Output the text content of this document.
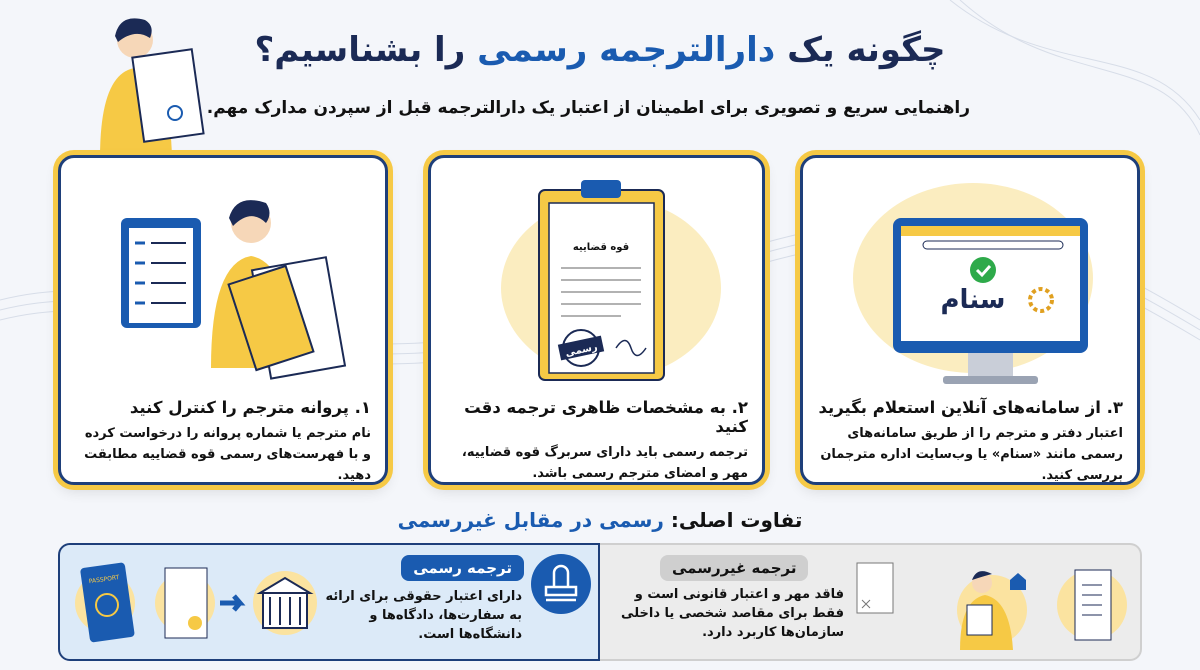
چگونه یک دارالترجمه رسمی را بشناسیم؟
راهنمایی سریع و تصویری برای اطمینان از اعتبار یک دارالترجمه قبل از سپردن مدارک مهم.
۱. پروانه مترجم را کنترل کنید

نام مترجم یا شماره پروانه را درخواست کرده و با فهرست‌های رسمی قوه قضاییه مطابقت دهید.

قوه قضاییه
رسمی
۲. به مشخصات ظاهری ترجمه دقت کنید

ترجمه رسمی باید دارای سربرگ قوه قضاییه، مهر و امضای مترجم رسمی باشد.

سنام
۳. از سامانه‌های آنلاین استعلام بگیرید

اعتبار دفتر و مترجم را از طریق سامانه‌های رسمی مانند «سنام» یا وب‌سایت اداره مترجمان بررسی کنید.

تفاوت اصلی: رسمی در مقابل غیررسمی
PASSPORT
ترجمه رسمی
دارای اعتبار حقوقی برای ارائه به سفارت‌ها، دادگاه‌ها و دانشگاه‌ها است.
ترجمه غیررسمی
فاقد مهر و اعتبار قانونی است و فقط برای مقاصد شخصی یا داخلی سازمان‌ها کاربرد دارد.
